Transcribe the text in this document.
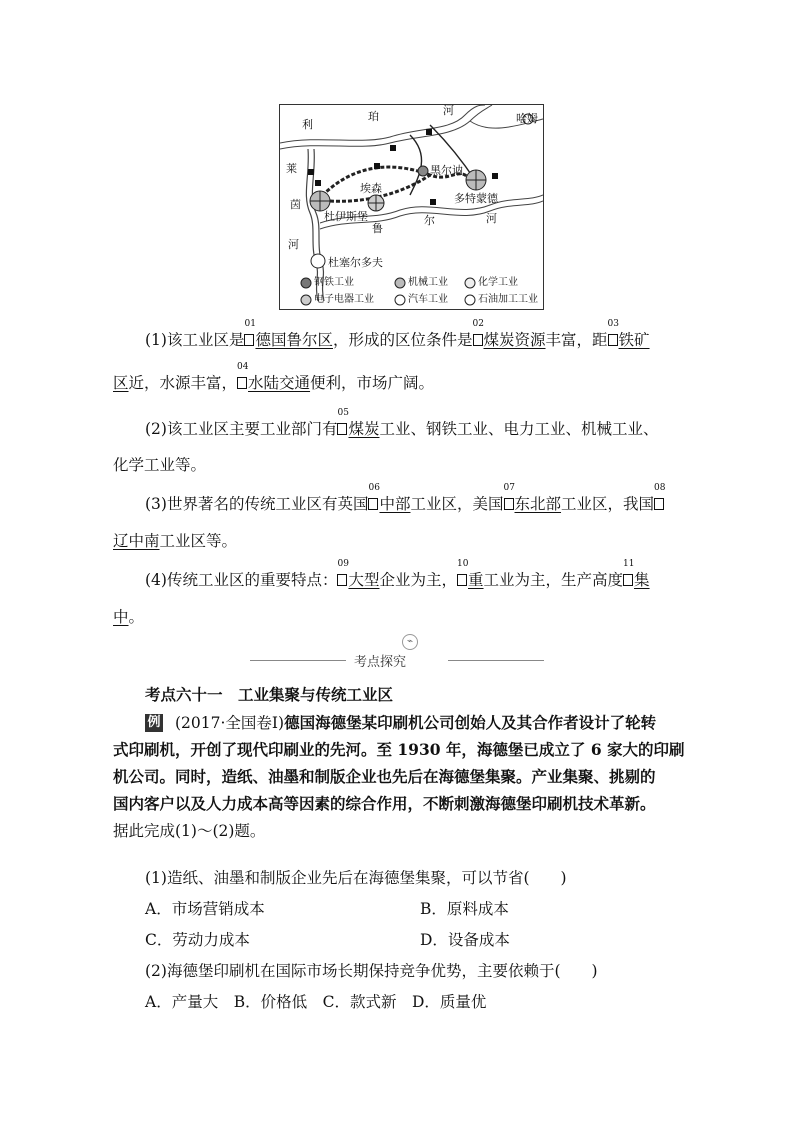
利
珀	河
哈姆
莱
茵
河
埃森
杜伊斯堡
鲁
尔	河
黑尔讷
多特蒙德
杜塞尔多夫
钢铁工业	机械工业	化学工业
电子电器工业	汽车工业	石油加工工业
(1)该工业区是
01
德国鲁尔区，形成的区位条件是
02
煤炭资源丰富，距
03
铁矿
区近，水源丰富，
04
水陆交通便利，市场广阔。
(2)该工业区主要工业部门有
05
煤炭工业、钢铁工业、电力工业、机械工业、
化学工业等。
(3)世界著名的传统工业区有英国
06
中部工业区，美国
07
东北部工业区，我国
08
辽中南工业区等。
(4)传统工业区的重要特点：
09
大型企业为主，
10
重工业为主，生产高度
11
集
中。
⌁
考点探究
考点六十一　工业集聚与传统工业区
例 (2017·全国卷Ⅰ)德国海德堡某印刷机公司创始人及其合作者设计了轮转
式印刷机，开创了现代印刷业的先河。至 1930 年，海德堡已成立了 6 家大的印刷
机公司。同时，造纸、油墨和制版企业也先后在海德堡集聚。产业集聚、挑剔的
国内客户以及人力成本高等因素的综合作用，不断刺激海德堡印刷机技术革新。
据此完成(1)～(2)题。
(1)造纸、油墨和制版企业先后在海德堡集聚，可以节省(　　)
A．市场营销成本	B．原料成本
C．劳动力成本	D．设备成本
(2)海德堡印刷机在国际市场长期保持竞争优势，主要依赖于(　　)
A．产量大　B．价格低　C．款式新　D．质量优
